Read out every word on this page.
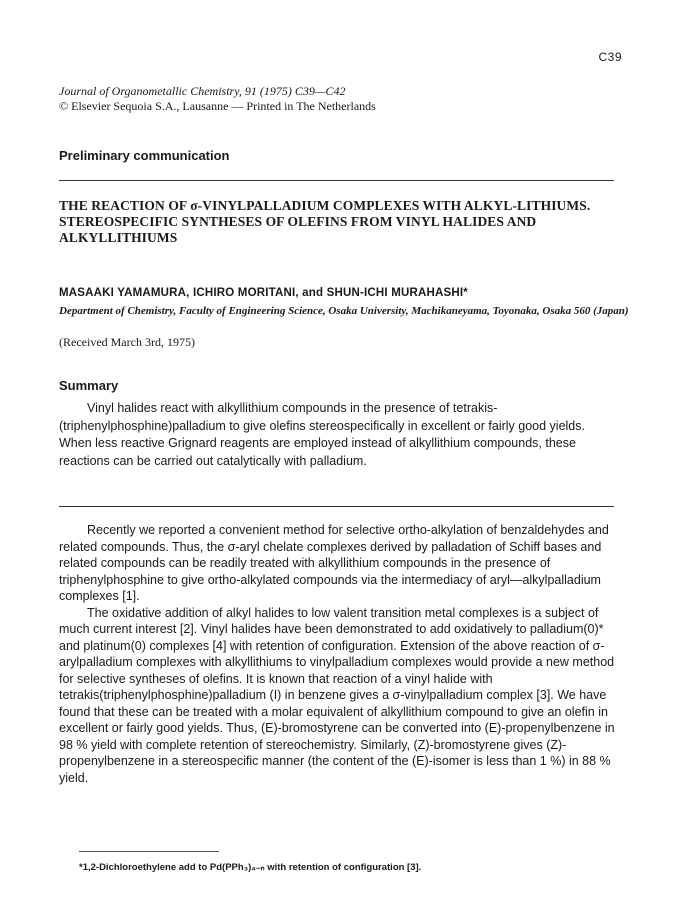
C39
Journal of Organometallic Chemistry, 91 (1975) C39—C42
© Elsevier Sequoia S.A., Lausanne — Printed in The Netherlands
Preliminary communication
THE REACTION OF σ-VINYLPALLADIUM COMPLEXES WITH ALKYL-LITHIUMS. STEREOSPECIFIC SYNTHESES OF OLEFINS FROM VINYL HALIDES AND ALKYLLITHIUMS
MASAAKI YAMAMURA, ICHIRO MORITANI, and SHUN-ICHI MURAHASHI*
Department of Chemistry, Faculty of Engineering Science, Osaka University, Machikaneyama, Toyonaka, Osaka 560 (Japan)
(Received March 3rd, 1975)
Summary

Vinyl halides react with alkyllithium compounds in the presence of tetrakis-(triphenylphosphine)palladium to give olefins stereospecifically in excellent or fairly good yields. When less reactive Grignard reagents are employed instead of alkyllithium compounds, these reactions can be carried out catalytically with palladium.

Recently we reported a convenient method for selective ortho-alkylation of benzaldehydes and related compounds. Thus, the σ-aryl chelate complexes derived by palladation of Schiff bases and related compounds can be readily treated with alkyllithium compounds in the presence of triphenylphosphine to give ortho-alkylated compounds via the intermediacy of aryl—alkylpalladium complexes [1].

The oxidative addition of alkyl halides to low valent transition metal complexes is a subject of much current interest [2]. Vinyl halides have been demonstrated to add oxidatively to palladium(0)* and platinum(0) complexes [4] with retention of configuration. Extension of the above reaction of σ-arylpalladium complexes with alkyllithiums to vinylpalladium complexes would provide a new method for selective syntheses of olefins. It is known that reaction of a vinyl halide with tetrakis(triphenylphosphine)palladium (I) in benzene gives a σ-vinylpalladium complex [3]. We have found that these can be treated with a molar equivalent of alkyllithium compound to give an olefin in excellent or fairly good yields. Thus, (E)-bromostyrene can be converted into (E)-propenylbenzene in 98 % yield with complete retention of stereochemistry. Similarly, (Z)-bromostyrene gives (Z)-propenylbenzene in a stereospecific manner (the content of the (E)-isomer is less than 1 %) in 88 % yield.

*1,2-Dichloroethylene add to Pd(PPh₃)₄₋ₙ with retention of configuration [3].
